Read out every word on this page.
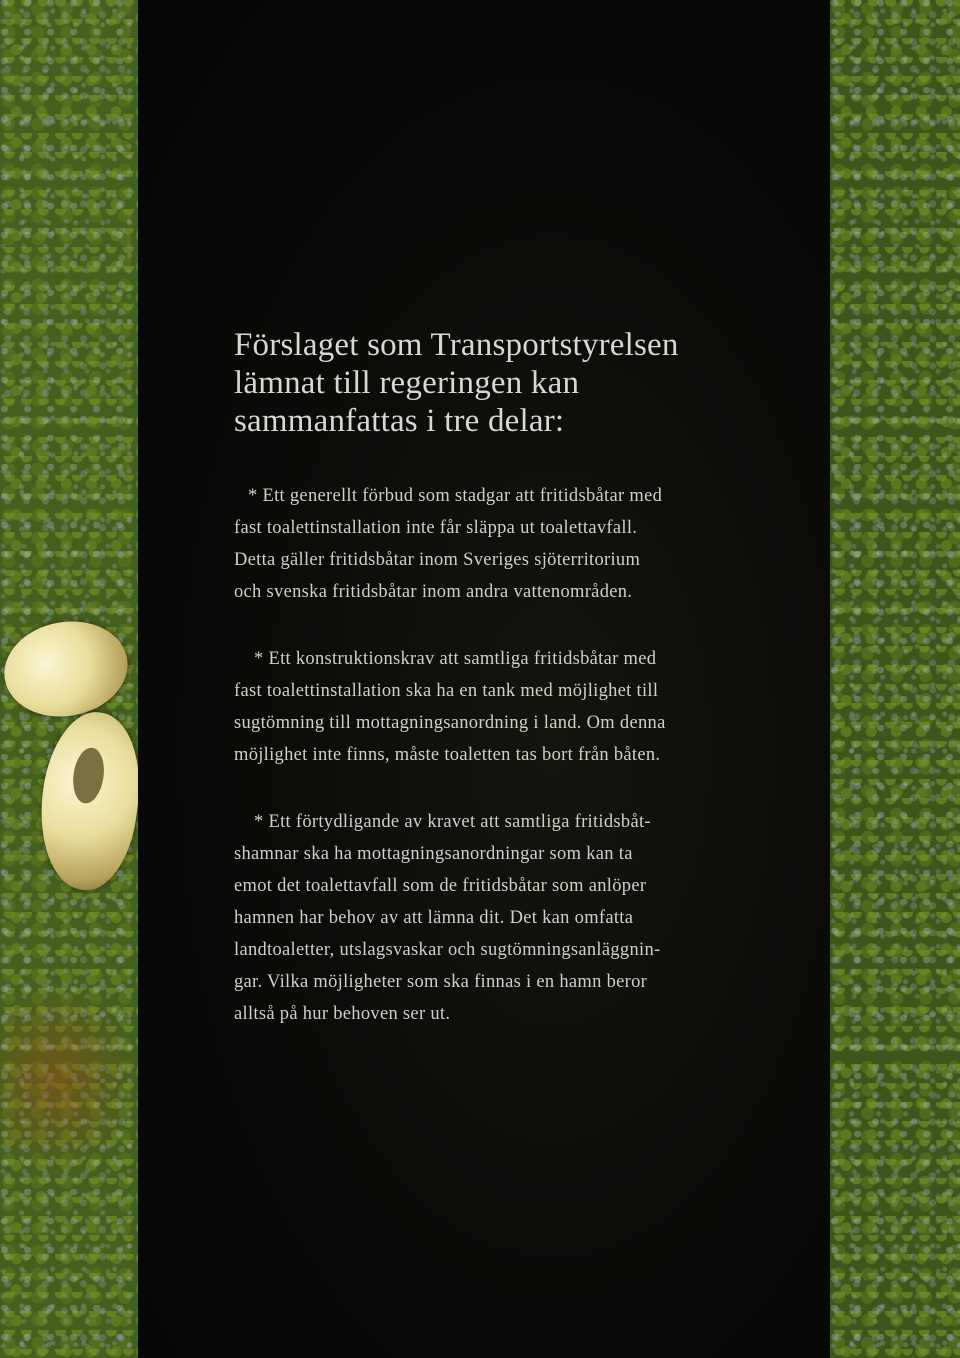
Förslaget som Transportstyrelsen
lämnat till regeringen kan
sammanfattas i tre delar:

* Ett generellt förbud som stadgar att fritidsbåtar med
fast toalettinstallation inte får släppa ut toalettavfall.
Detta gäller fritidsbåtar inom Sveriges sjöterritorium
och svenska fritidsbåtar inom andra vattenområden.

* Ett konstruktionskrav att samtliga fritidsbåtar med
fast toalettinstallation ska ha en tank med möjlighet till
sugtömning till mottagningsanordning i land. Om denna
möjlighet inte finns, måste toaletten tas bort från båten.

* Ett förtydligande av kravet att samtliga fritidsbåt-
shamnar ska ha mottagningsanordningar som kan ta
emot det toalettavfall som de fritidsbåtar som anlöper
hamnen har behov av att lämna dit. Det kan omfatta
landtoaletter, utslagsvaskar och sugtömningsanläggnin-
gar. Vilka möjligheter som ska finnas i en hamn beror
alltså på hur behoven ser ut.
